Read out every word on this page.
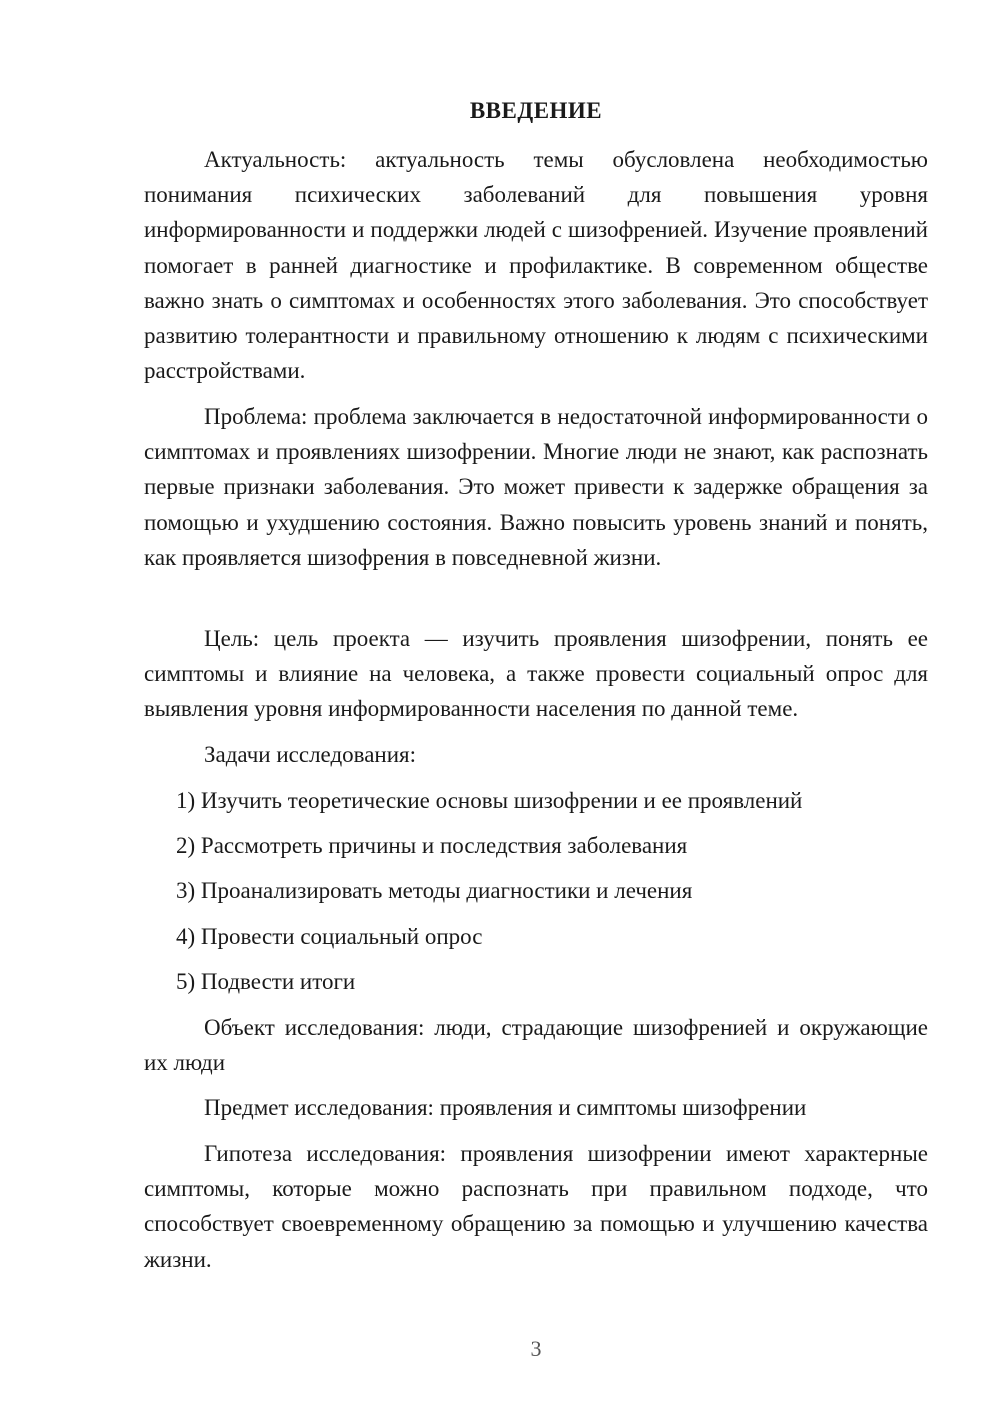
ВВЕДЕНИЕ

Актуальность: актуальность темы обусловлена необходимостью понимания психических заболеваний для повышения уровня информированности и поддержки людей с шизофренией. Изучение проявлений помогает в ранней диагностике и профилактике. В современном обществе важно знать о симптомах и особенностях этого заболевания. Это способствует развитию толерантности и правильному отношению к людям с психическими расстройствами.

Проблема: проблема заключается в недостаточной информированности о симптомах и проявлениях шизофрении. Многие люди не знают, как распознать первые признаки заболевания. Это может привести к задержке обращения за помощью и ухудшению состояния. Важно повысить уровень знаний и понять, как проявляется шизофрения в повседневной жизни.

Цель: цель проекта — изучить проявления шизофрении, понять ее симптомы и влияние на человека, а также провести социальный опрос для выявления уровня информированности населения по данной теме.

Задачи исследования:

1) Изучить теоретические основы шизофрении и ее проявлений

2) Рассмотреть причины и последствия заболевания

3) Проанализировать методы диагностики и лечения

4) Провести социальный опрос

5) Подвести итоги

Объект исследования: люди, страдающие шизофренией и окружающие их люди

Предмет исследования: проявления и симптомы шизофрении

Гипотеза исследования: проявления шизофрении имеют характерные симптомы, которые можно распознать при правильном подходе, что способствует своевременному обращению за помощью и улучшению качества жизни.

3
